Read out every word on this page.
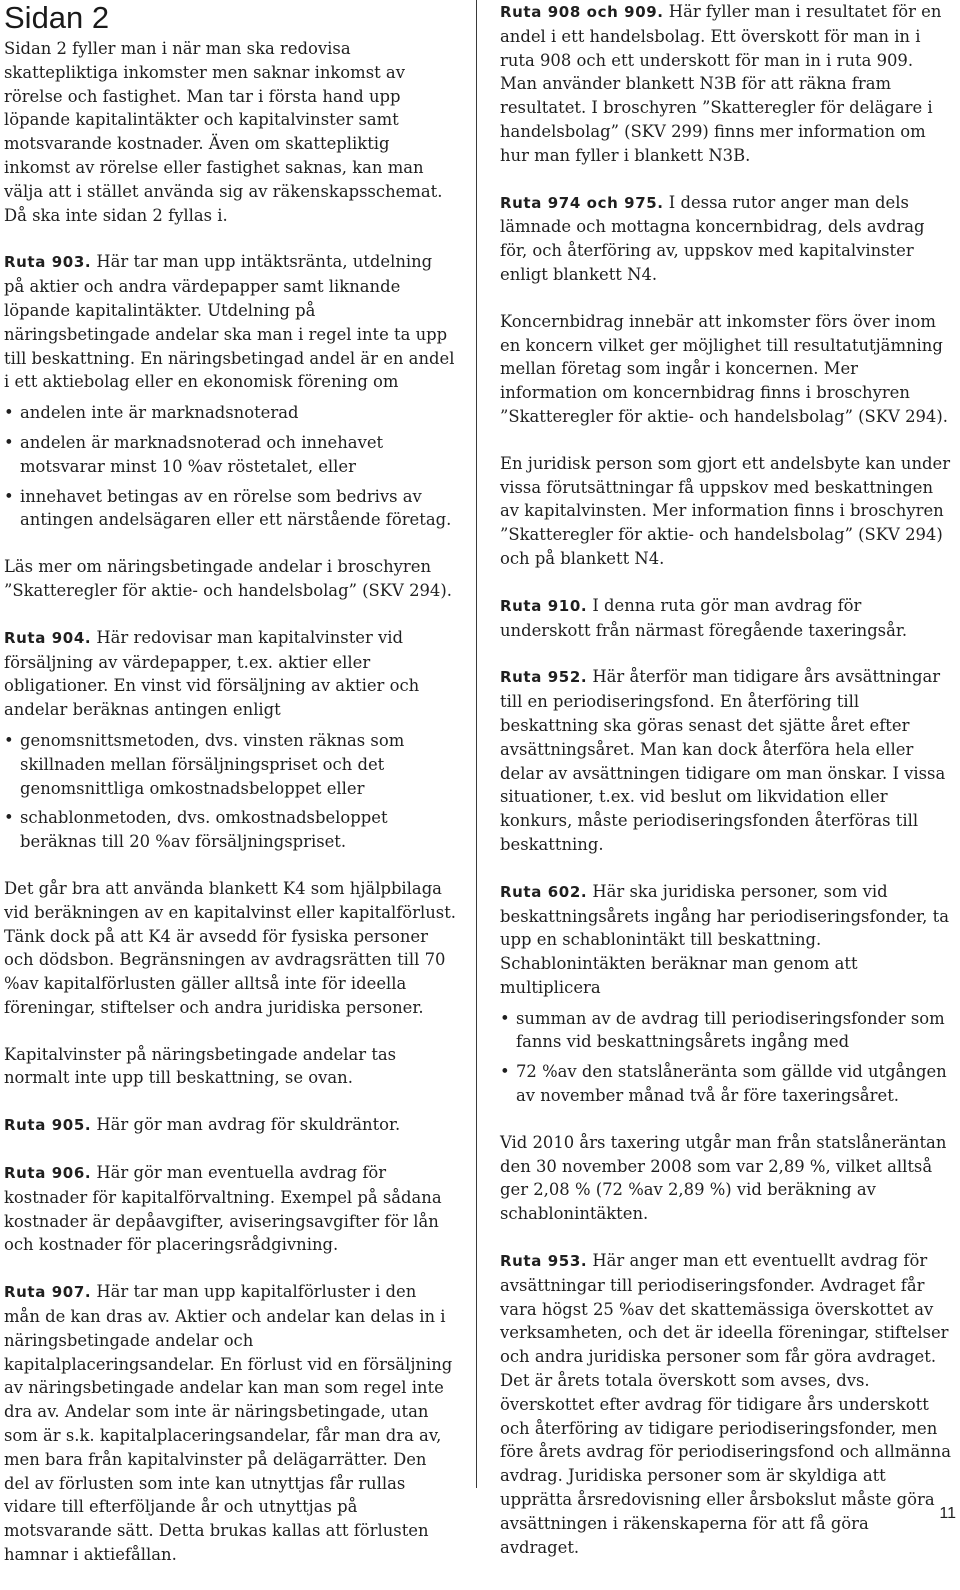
Sidan 2

Sidan 2 fyller man i när man ska redovisa skattepliktiga inkomster men saknar inkomst av rörelse och fastighet. Man tar i första hand upp löpande kapitalintäkter och kapitalvinster samt motsvarande kostnader. Även om skattepliktig inkomst av rörelse eller fastighet saknas, kan man välja att i stället använda sig av räkenskapsschemat. Då ska inte sidan 2 fyllas i.

Ruta 903. Här tar man upp intäktsränta, utdelning på aktier och andra värdepapper samt liknande löpande kapitalintäkter. Utdelning på näringsbetingade andelar ska man i regel inte ta upp till beskattning. En näringsbetingad andel är en andel i ett aktiebolag eller en ekonomisk förening om

• andelen inte är marknadsnoterad
• andelen är marknadsnoterad och innehavet motsvarar minst 10 %av röstetalet, eller
• innehavet betingas av en rörelse som bedrivs av antingen andelsägaren eller ett närstående företag.

Läs mer om näringsbetingade andelar i broschyren ”Skatteregler för aktie- och handelsbolag” (SKV 294).

Ruta 904. Här redovisar man kapitalvinster vid försäljning av värdepapper, t.ex. aktier eller obligationer. En vinst vid försäljning av aktier och andelar beräknas antingen enligt

• genomsnittsmetoden, dvs. vinsten räknas som skillnaden mellan försäljningspriset och det genomsnittliga omkostnadsbeloppet eller
• schablonmetoden, dvs. omkostnadsbeloppet beräknas till 20 %av försäljningspriset.

Det går bra att använda blankett K4 som hjälpbilaga vid beräkningen av en kapitalvinst eller kapitalförlust. Tänk dock på att K4 är avsedd för fysiska personer och dödsbon. Begränsningen av avdragsrätten till 70 %av kapitalförlusten gäller alltså inte för ideella föreningar, stiftelser och andra juridiska personer.

Kapitalvinster på näringsbetingade andelar tas normalt inte upp till beskattning, se ovan.

Ruta 905. Här gör man avdrag för skuldräntor.

Ruta 906. Här gör man eventuella avdrag för kostnader för kapitalförvaltning. Exempel på sådana kostnader är depåavgifter, aviseringsavgifter för lån och kostnader för placeringsrådgivning.

Ruta 907. Här tar man upp kapitalförluster i den mån de kan dras av. Aktier och andelar kan delas in i näringsbetingade andelar och kapitalplaceringsandelar. En förlust vid en försäljning av näringsbetingade andelar kan man som regel inte dra av. Andelar som inte är näringsbetingade, utan som är s.k. kapitalplaceringsandelar, får man dra av, men bara från kapitalvinster på delägarrätter. Den del av förlusten som inte kan utnyttjas får rullas vidare till efterföljande år och utnyttjas på motsvarande sätt. Detta brukas kallas att förlusten hamnar i aktiefållan.

Ruta 908 och 909. Här fyller man i resultatet för en andel i ett handelsbolag. Ett överskott för man in i ruta 908 och ett underskott för man in i ruta 909. Man använder blankett N3B för att räkna fram resultatet. I broschyren ”Skatteregler för delägare i handelsbolag” (SKV 299) finns mer information om hur man fyller i blankett N3B.

Ruta 974 och 975. I dessa rutor anger man dels lämnade och mottagna koncernbidrag, dels avdrag för, och återföring av, uppskov med kapitalvinster enligt blankett N4.

Koncernbidrag innebär att inkomster förs över inom en koncern vilket ger möjlighet till resultatutjämning mellan företag som ingår i koncernen. Mer information om koncernbidrag finns i broschyren ”Skatteregler för aktie- och handelsbolag” (SKV 294).

En juridisk person som gjort ett andelsbyte kan under vissa förutsättningar få uppskov med beskattningen av kapitalvinsten. Mer information finns i broschyren ”Skatteregler för aktie- och handelsbolag” (SKV 294) och på blankett N4.

Ruta 910. I denna ruta gör man avdrag för underskott från närmast föregående taxeringsår.

Ruta 952. Här återför man tidigare års avsättningar till en periodiseringsfond. En återföring till beskattning ska göras senast det sjätte året efter avsättningsåret. Man kan dock återföra hela eller delar av avsättningen tidigare om man önskar. I vissa situationer, t.ex. vid beslut om likvidation eller konkurs, måste periodiseringsfonden återföras till beskattning.

Ruta 602. Här ska juridiska personer, som vid beskattningsårets ingång har periodiseringsfonder, ta upp en schablonintäkt till beskattning. Schablonintäkten beräknar man genom att multiplicera

• summan av de avdrag till periodiseringsfonder som fanns vid beskattningsårets ingång med
• 72 %av den statslåneränta som gällde vid utgången av november månad två år före taxeringsåret.

Vid 2010 års taxering utgår man från statslåneräntan den 30 november 2008 som var 2,89 %, vilket alltså ger 2,08 % (72 %av 2,89 %) vid beräkning av schablonintäkten.

Ruta 953. Här anger man ett eventuellt avdrag för avsättningar till periodiseringsfonder. Avdraget får vara högst 25 %av det skattemässiga överskottet av verksamheten, och det är ideella föreningar, stiftelser och andra juridiska personer som får göra avdraget. Det är årets totala överskott som avses, dvs. överskottet efter avdrag för tidigare års underskott och återföring av tidigare periodiseringsfonder, men före årets avdrag för periodiseringsfond och allmänna avdrag. Juridiska personer som är skyldiga att upprätta årsredovisning eller årsbokslut måste göra avsättningen i räkenskaperna för att få göra avdraget.

11
